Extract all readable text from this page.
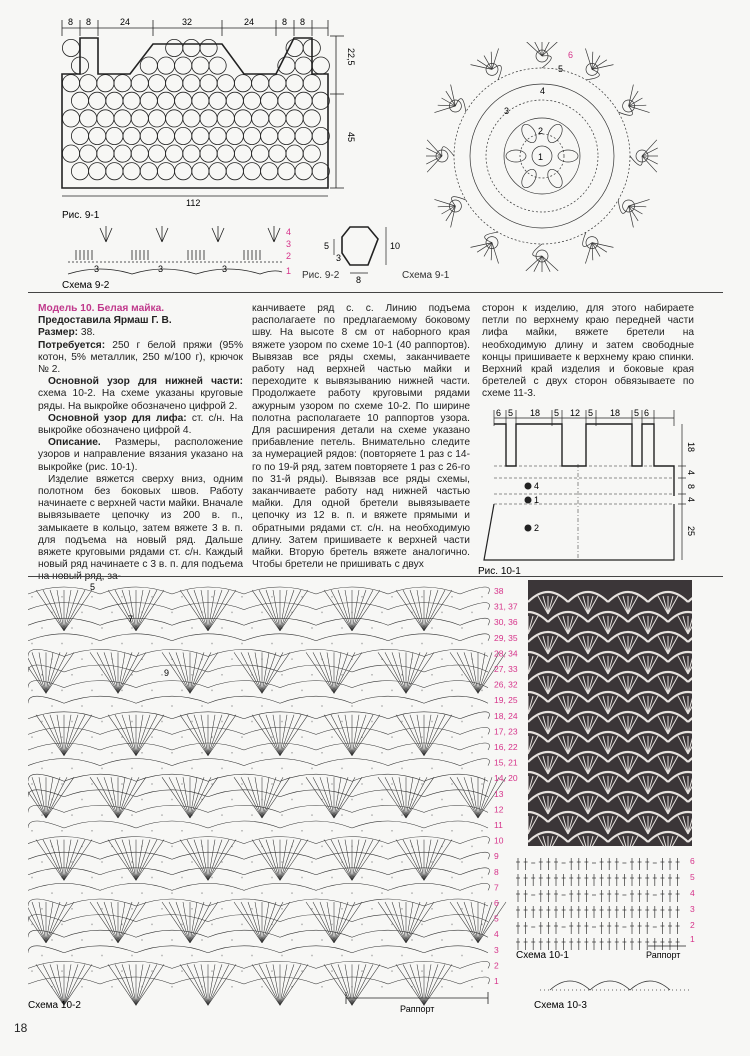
8 8	24	32	24	8 8
22,5
45
112
Рис. 9-1
4
3
2
1
3	3	3
Схема 9-2
5
3
10
8
Рис. 9-2
1
2
3
4
5
6
Схема 9-1

Модель 10. Белая майка.

Предоставила Ярмаш Г. В.

Размер: 38.

Потребуется: 250 г белой пряжи (95% котон, 5% металлик, 250 м/100 г), крючок № 2.

Основной узор для нижней части: схема 10-2. На схеме указаны круговые ряды. На выкройке обозначено цифрой 2.

Основной узор для лифа: ст. с/н. На выкройке обозначено цифрой 4.

Описание. Размеры, расположение узоров и направление вязания указано на выкройке (рис. 10-1).

Изделие вяжется сверху вниз, одним полотном без боковых швов. Работу начинаете с верхней части майки. Вначале вывязываете цепочку из 200 в. п., замыкаете в кольцо, затем вяжете 3 в. п. для подъема на новый ряд. Дальше вяжете круговыми рядами ст. с/н. Каждый новый ряд начинаете с 3 в. п. для подъема на новый ряд, за-

канчиваете ряд с. с. Линию подъема располагаете по предлагаемому боковому шву. На высоте 8 см от наборного края вяжете узором по схеме 10-1 (40 раппортов). Вывязав все ряды схемы, заканчиваете работу над верхней частью майки и переходите к вывязыванию нижней части. Продолжаете работу круговыми рядами ажурным узором по схеме 10-2. По ширине полотна располагаете 10 раппортов узора. Для расширения детали на схеме указано прибавление петель. Внимательно следите за нумерацией рядов: (повторяете 1 раз с 14-го по 19-й ряд, затем повторяете 1 раз с 26-го по 31-й ряды). Вывязав все ряды схемы, заканчиваете работу над нижней частью майки. Для одной бретели вывязываете цепочку из 12 в. п. и вяжете прямыми и обратными рядами ст. с/н. на необходимую длину. Затем пришиваете к верхней части майки. Вторую бретель вяжете аналогично. Чтобы бретели не пришивать с двух

сторон к изделию, для этого набираете петли по верхнему краю передней части лифа майки, вяжете бретели на необходимую длину и затем свободные концы пришиваете к верхнему краю спинки. Верхний край изделия и боковые края бретелей с двух сторон обвязываете по схеме 11-3.

6 5 18 5 12 5 18 5 6
18
4
8
4
25
4
1
2
Рис. 10-1
38
31, 37
30, 36
29, 35
28, 34
27, 33
26, 32
19, 25
18, 24
17, 23
16, 22
15, 21
14, 20
13
12
11
10
9
8
7
6
5
4
3
2
1
5
7
9
Раппорт
Схема 10-2
6
5
4
3
2
1
Раппорт
Схема 10-1
Схема 10-3
18
